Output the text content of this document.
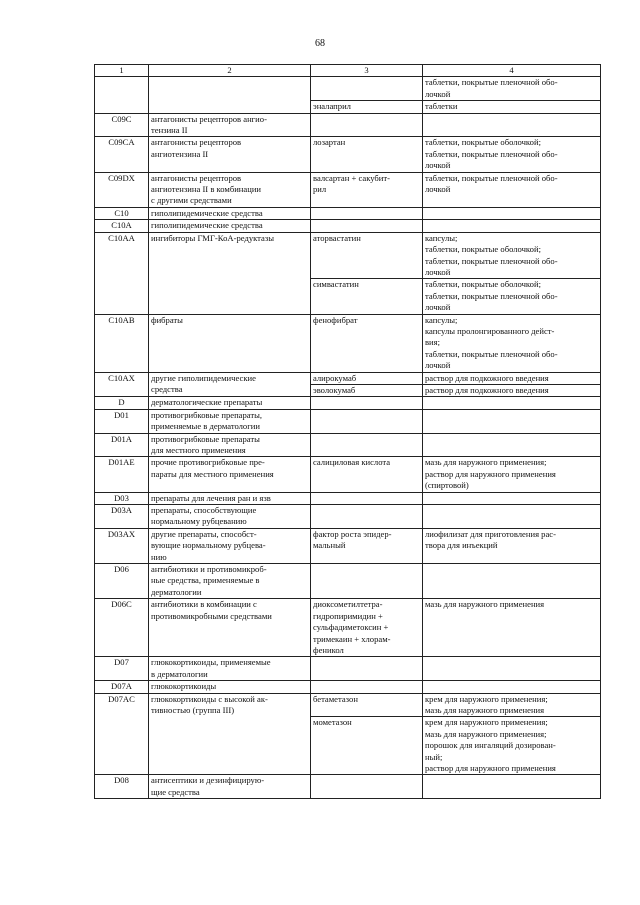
68
1	2	3	4

			таблетки, покрытые пленочной обо-
лочкой

		эналаприл	таблетки

C09C	антагонисты рецепторов ангио-
тензина II		
C09CA	антагонисты рецепторов
ангиотензина II	лозартан	таблетки, покрытые оболочкой;
таблетки, покрытые пленочной обо-
лочкой

C09DX	антагонисты рецепторов
ангиотензина II в комбинации
с другими средствами	валсартан + сакубит-
рил	таблетки, покрытые пленочной обо-
лочкой

C10	гиполипидемические средства		
C10A	гиполипидемические средства		
C10AA	ингибиторы ГМГ-КоА-редуктазы	аторвастатин	капсулы;
таблетки, покрытые оболочкой;
таблетки, покрытые пленочной обо-
лочкой

		симвастатин	таблетки, покрытые оболочкой;
таблетки, покрытые пленочной обо-
лочкой

C10AB	фибраты	фенофибрат	капсулы;
капсулы пролонгированного дейст-
вия;
таблетки, покрытые пленочной обо-
лочкой

C10AX	другие гиполипидемические
средства	алирокумаб	раствор для подкожного введения

		эволокумаб	раствор для подкожного введения

D	дерматологические препараты		
D01	противогрибковые препараты,
применяемые в дерматологии		
D01A	противогрибковые препараты
для местного применения		
D01AE	прочие противогрибковые пре-
параты для местного применения	салициловая кислота	мазь для наружного применения;
раствор для наружного применения
(спиртовой)

D03	препараты для лечения ран и язв		
D03A	препараты, способствующие
нормальному рубцеванию		
D03AX	другие препараты, способст-
вующие нормальному рубцева-
нию	фактор роста эпидер-
мальный	лиофилизат для приготовления рас-
твора для инъекций

D06	антибиотики и противомикроб-
ные средства, применяемые в
дерматологии		
D06C	антибиотики в комбинации с
противомикробными средствами	диоксометилтетра-
гидропиримидин +
сульфадиметоксин +
тримекаин + хлорам-
феникол	мазь для наружного применения

D07	глюкокортикоиды, применяемые
в дерматологии		
D07A	глюкокортикоиды		
D07AC	глюкокортикоиды с высокой ак-
тивностью (группа III)	бетаметазон	крем для наружного применения;
мазь для наружного применения

		мометазон	крем для наружного применения;
мазь для наружного применения;
порошок для ингаляций дозирован-
ный;
раствор для наружного применения

D08	антисептики и дезинфицирую-
щие средства		
